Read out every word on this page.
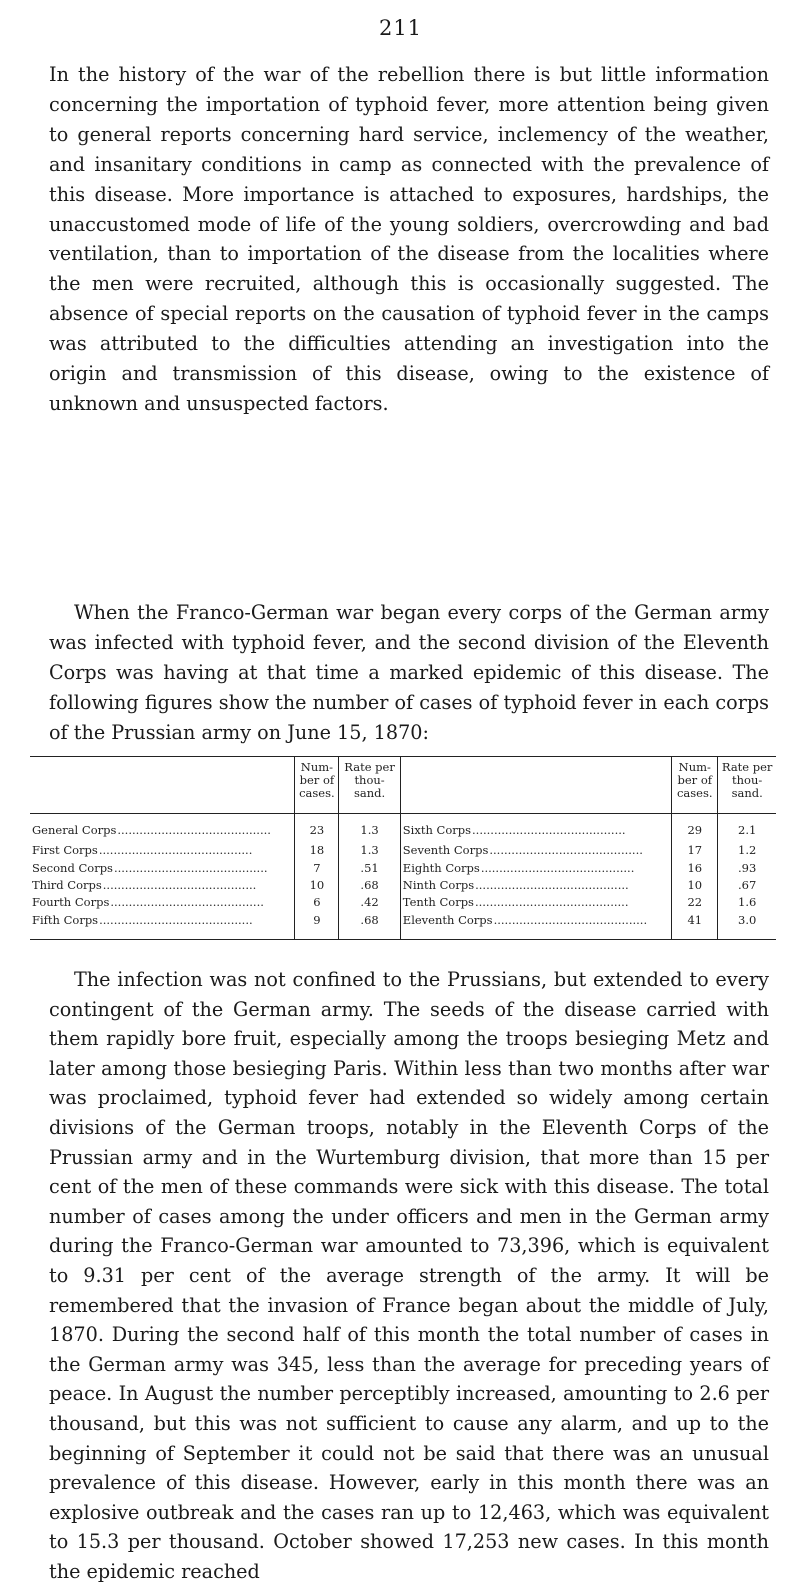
211

In the history of the war of the rebellion there is but little information concerning the importation of typhoid fever, more attention being given to general reports concerning hard service, inclemency of the weather, and insanitary conditions in camp as connected with the prevalence of this disease. More importance is attached to exposures, hardships, the unaccustomed mode of life of the young soldiers, overcrowding and bad ventilation, than to importation of the disease from the localities where the men were recruited, although this is occasionally suggested. The absence of special reports on the causation of typhoid fever in the camps was attributed to the difficulties attending an investigation into the origin and transmission of this disease, owing to the existence of unknown and unsuspected factors.

When the Franco-German war began every corps of the German army was infected with typhoid fever, and the second division of the Eleventh Corps was having at that time a marked epidemic of this disease. The following figures show the number of cases of typhoid fever in each corps of the Prussian army on June 15, 1870:

	Num- ber of cases.	Rate per thou- sand.		Num- ber of cases.	Rate per thou- sand.
General Corps..........................................	23	1.3	Sixth Corps..........................................	29	2.1
First Corps..........................................	18	1.3	Seventh Corps..........................................	17	1.2
Second Corps..........................................	7	.51	Eighth Corps..........................................	16	.93
Third Corps..........................................	10	.68	Ninth Corps..........................................	10	.67
Fourth Corps..........................................	6	.42	Tenth Corps..........................................	22	1.6
Fifth Corps..........................................	9	.68	Eleventh Corps..........................................	41	3.0

The infection was not confined to the Prussians, but extended to every contingent of the German army. The seeds of the disease carried with them rapidly bore fruit, especially among the troops besieging Metz and later among those besieging Paris. Within less than two months after war was proclaimed, typhoid fever had extended so widely among certain divisions of the German troops, notably in the Eleventh Corps of the Prussian army and in the Wurtemburg division, that more than 15 per cent of the men of these commands were sick with this disease. The total number of cases among the under officers and men in the German army during the Franco-German war amounted to 73,396, which is equivalent to 9.31 per cent of the average strength of the army. It will be remembered that the invasion of France began about the middle of July, 1870. During the second half of this month the total number of cases in the German army was 345, less than the average for preceding years of peace. In August the number perceptibly increased, amounting to 2.6 per thousand, but this was not sufficient to cause any alarm, and up to the beginning of September it could not be said that there was an unusual prevalence of this disease. However, early in this month there was an explosive outbreak and the cases ran up to 12,463, which was equivalent to 15.3 per thousand. October showed 17,253 new cases. In this month the epidemic reached
